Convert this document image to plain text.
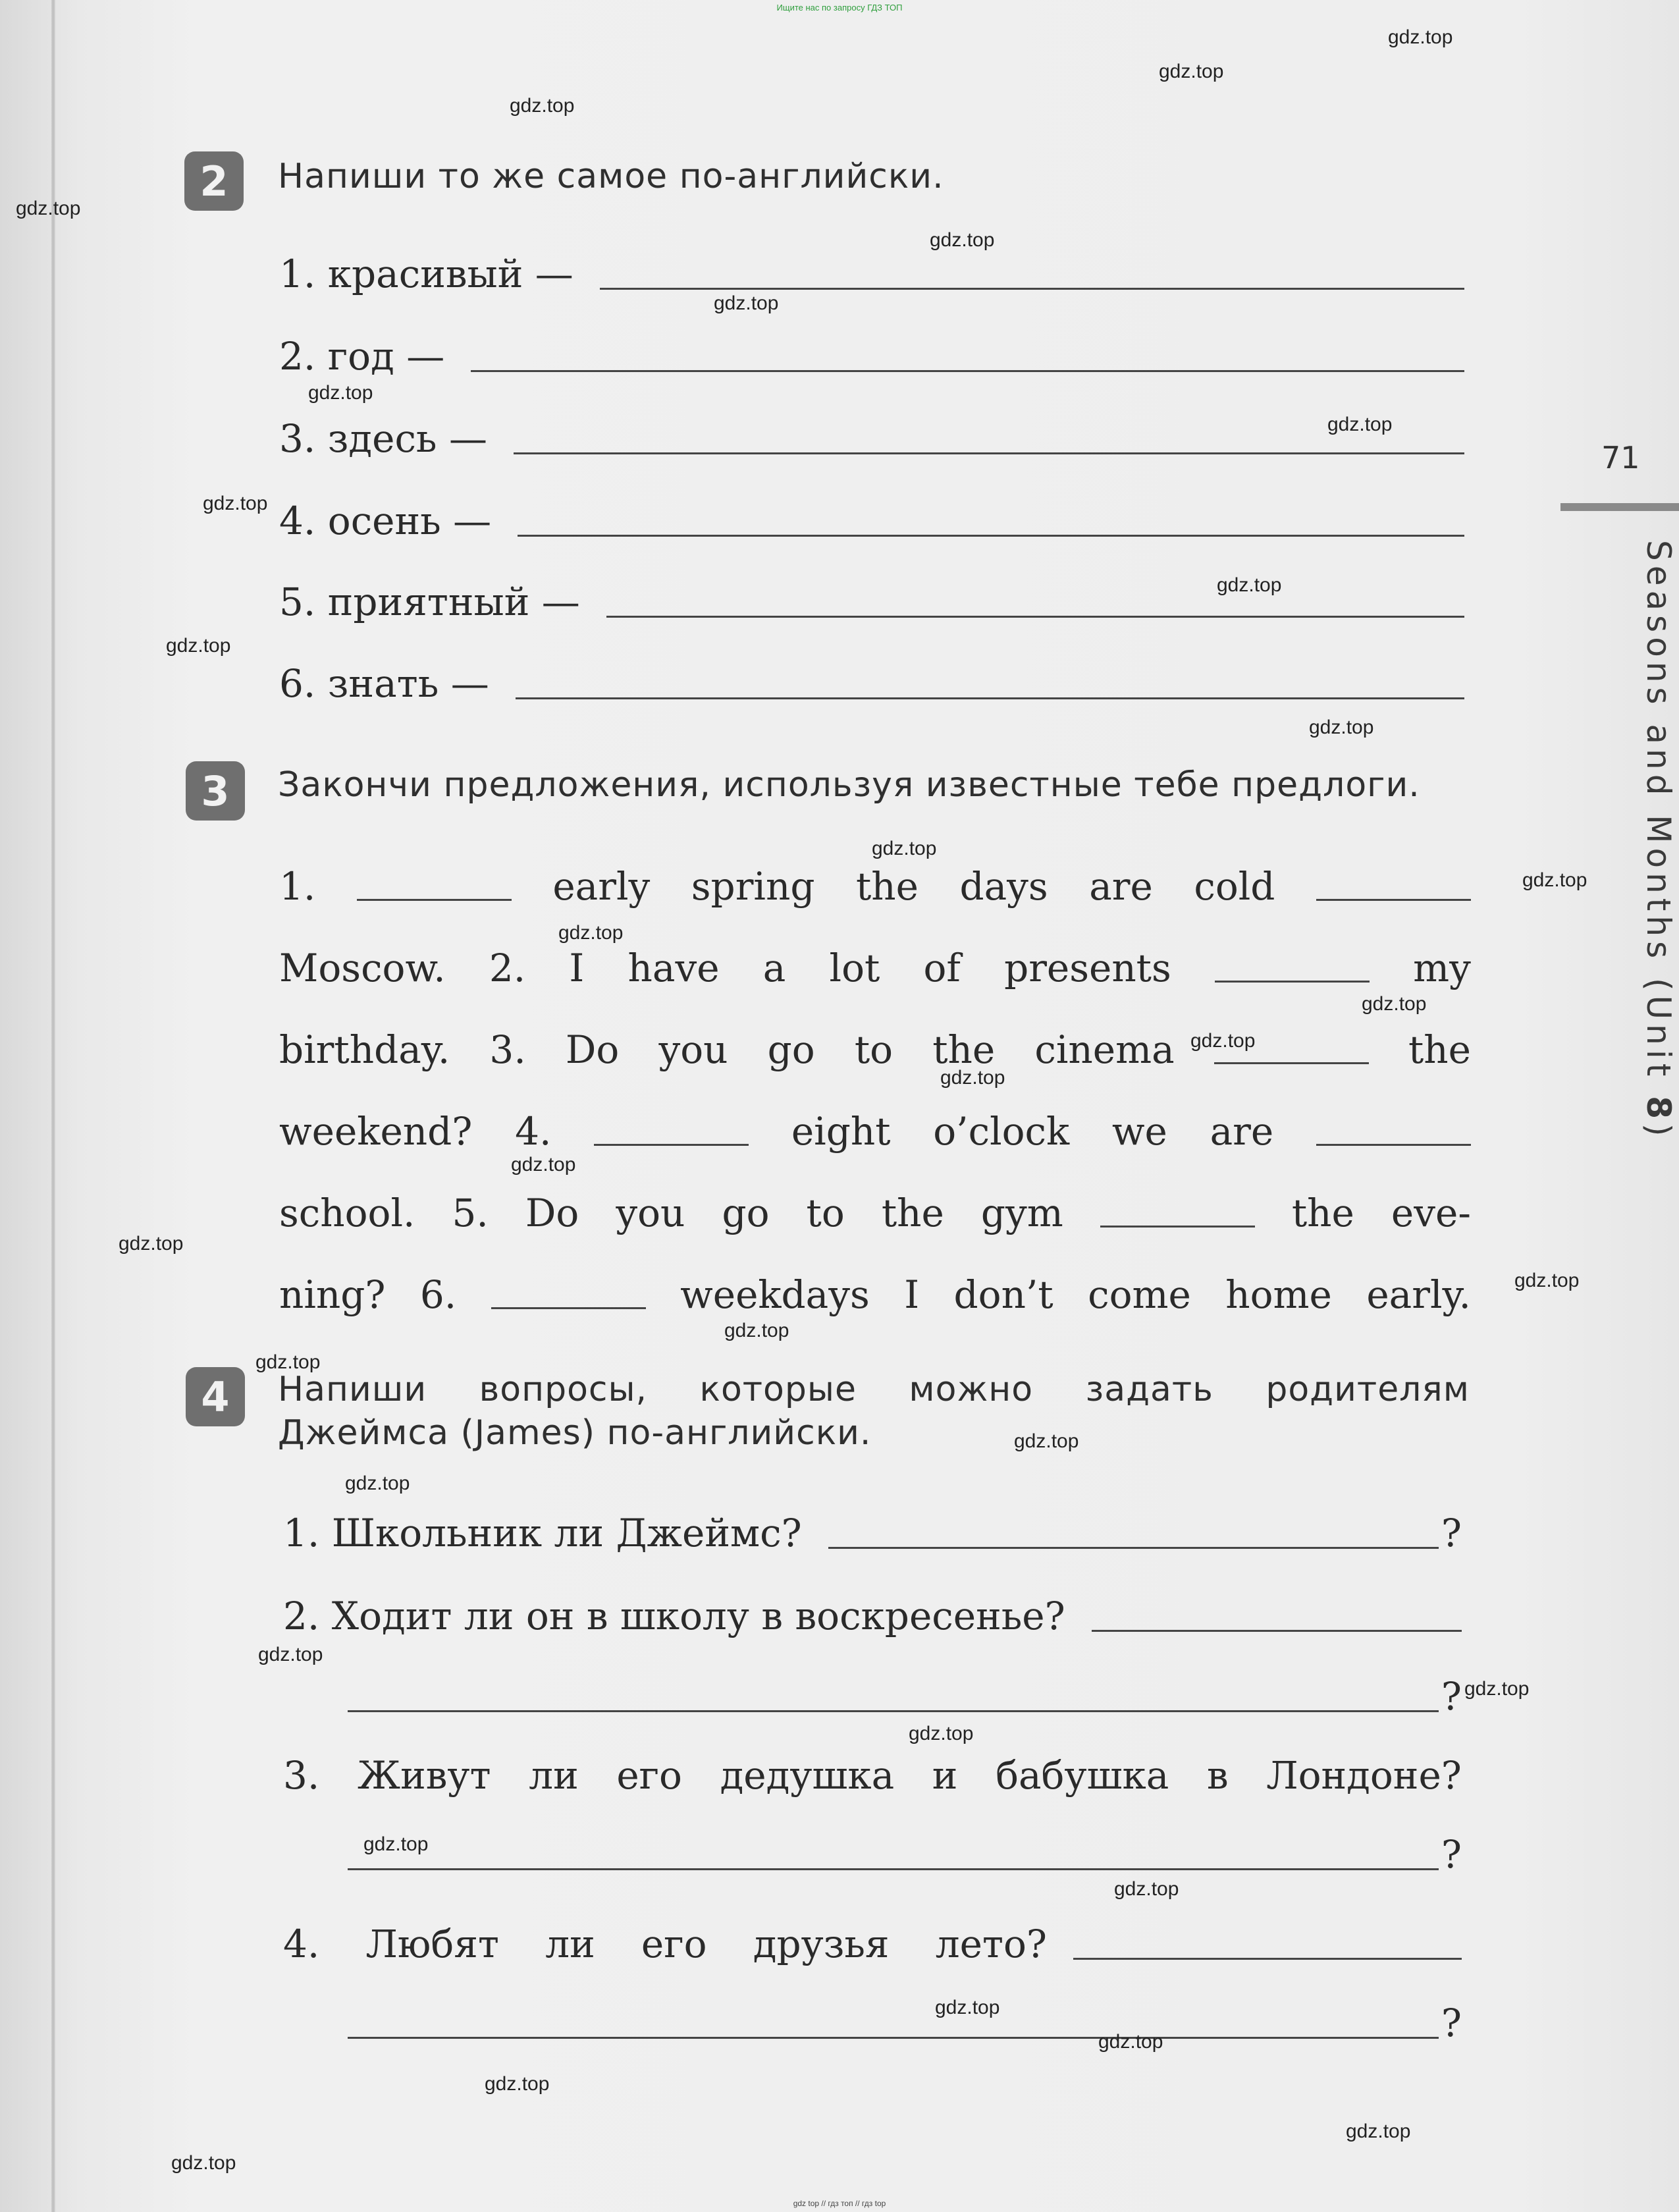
Ищите нас по запросу ГДЗ ТОП
71
Seasons and Months (Unit 8)
2	Напиши то же самое по-английски.
1. красивый —
2. год —
3. здесь —
4. осень —
5. приятный —
6. знать —
3	Закончи предложения, используя известные тебе предлоги.
1.	early spring the days are cold
Moscow. 2. I have a lot of presents	my
birthday. 3. Do you go to the cinema	the
weekend? 4.	eight o’clock we are
school. 5. Do you go to the gym	the eve-
ning? 6.	weekdays I don’t come home early.
4	Напиши вопросы, которые можно задать родителям
Джеймса (James) по-английски.
1. Школьник ли Джеймс?	?
2. Ходит ли он в школу в воскресенье?
?
3. Живут ли его дедушка и бабушка в Лондоне?
?
4. Любят ли его друзья лето?
?
gdz.top
gdz.top
gdz.top
gdz.top
gdz.top
gdz.top
gdz.top
gdz.top
gdz.top
gdz.top
gdz.top
gdz.top
gdz.top
gdz.top
gdz.top
gdz.top
gdz.top
gdz.top
gdz.top
gdz.top
gdz.top
gdz.top
gdz.top
gdz.top
gdz.top
gdz.top
gdz.top
gdz.top
gdz.top
gdz.top
gdz.top
gdz.top
gdz.top
gdz.top
gdz.top
gdz top // гдз топ // гдз top
